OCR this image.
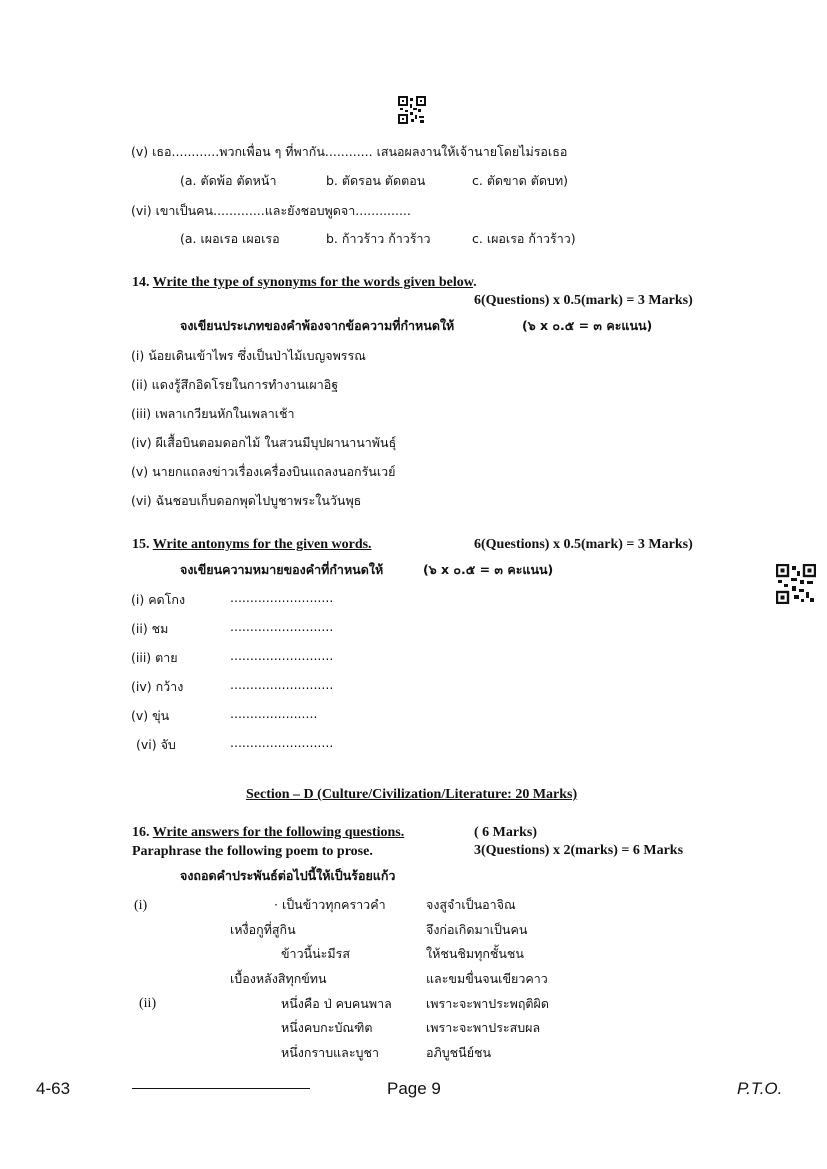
(v) เธอ............พวกเพื่อน ๆ ที่พากัน............ เสนอผลงานให้เจ้านายโดยไม่รอเธอ
(a. ตัดพ้อ ตัดหน้า	b. ตัดรอน ตัดตอน	c. ตัดขาด ตัดบท)
(vi) เขาเป็นคน.............และยังชอบพูดจา..............
(a. เผอเรอ เผอเรอ	b. ก้าวร้าว ก้าวร้าว	c. เผอเรอ ก้าวร้าว)
14. Write the type of synonyms for the words given below.
6(Questions) x 0.5(mark) = 3 Marks)
จงเขียนประเภทของคำพ้องจากข้อความที่กำหนดให้	(๖ x ๐.๕ = ๓ คะแนน)
(i) น้อยเดินเข้าไพร ซึ่งเป็นป่าไม้เบญจพรรณ
(ii) แดงรู้สึกอิดโรยในการทำงานเผาอิฐ
(iii) เพลาเกวียนหักในเพลาเช้า
(iv) ผีเสื้อบินตอมดอกไม้ ในสวนมีบุปผานานาพันธุ์
(v) นายกแถลงข่าวเรื่องเครื่องบินแถลงนอกรันเวย์
(vi) ฉันชอบเก็บดอกพุดไปบูชาพระในวันพุธ
15. Write antonyms for the given words.	6(Questions) x 0.5(mark) = 3 Marks)
จงเขียนความหมายของคำที่กำหนดให้	(๖ x ๐.๕ = ๓ คะแนน)
(i) คดโกง	..........................
(ii) ชม	..........................
(iii) ตาย	..........................
(iv) กว้าง	..........................
(v) ขุ่น	......................
(vi) จับ	..........................
Section – D (Culture/Civilization/Literature: 20 Marks)
16. Write answers for the following questions.	( 6 Marks)
Paraphrase the following poem to prose.	3(Questions) x 2(marks) = 6 Marks
จงถอดคำประพันธ์ต่อไปนี้ให้เป็นร้อยแก้ว
(i)	· เป็นข้าวทุกคราวคำ	จงสูจำเป็นอาจิณ
เหงื่อกูที่สูกิน	จึงก่อเกิดมาเป็นคน
ข้าวนี้น่ะมีรส	ให้ชนชิมทุกชั้นชน
เบื้องหลังสิทุกข์ทน	และขมขื่นจนเขียวคาว
(ii)	หนึ่งคือ ป่ คบคนพาล	เพราะจะพาประพฤติผิด
หนึ่งคบกะบัณฑิต	เพราะจะพาประสบผล
หนึ่งกราบและบูชา	อภิบูชนีย์ชน
4-63	Page 9	P.T.O.
